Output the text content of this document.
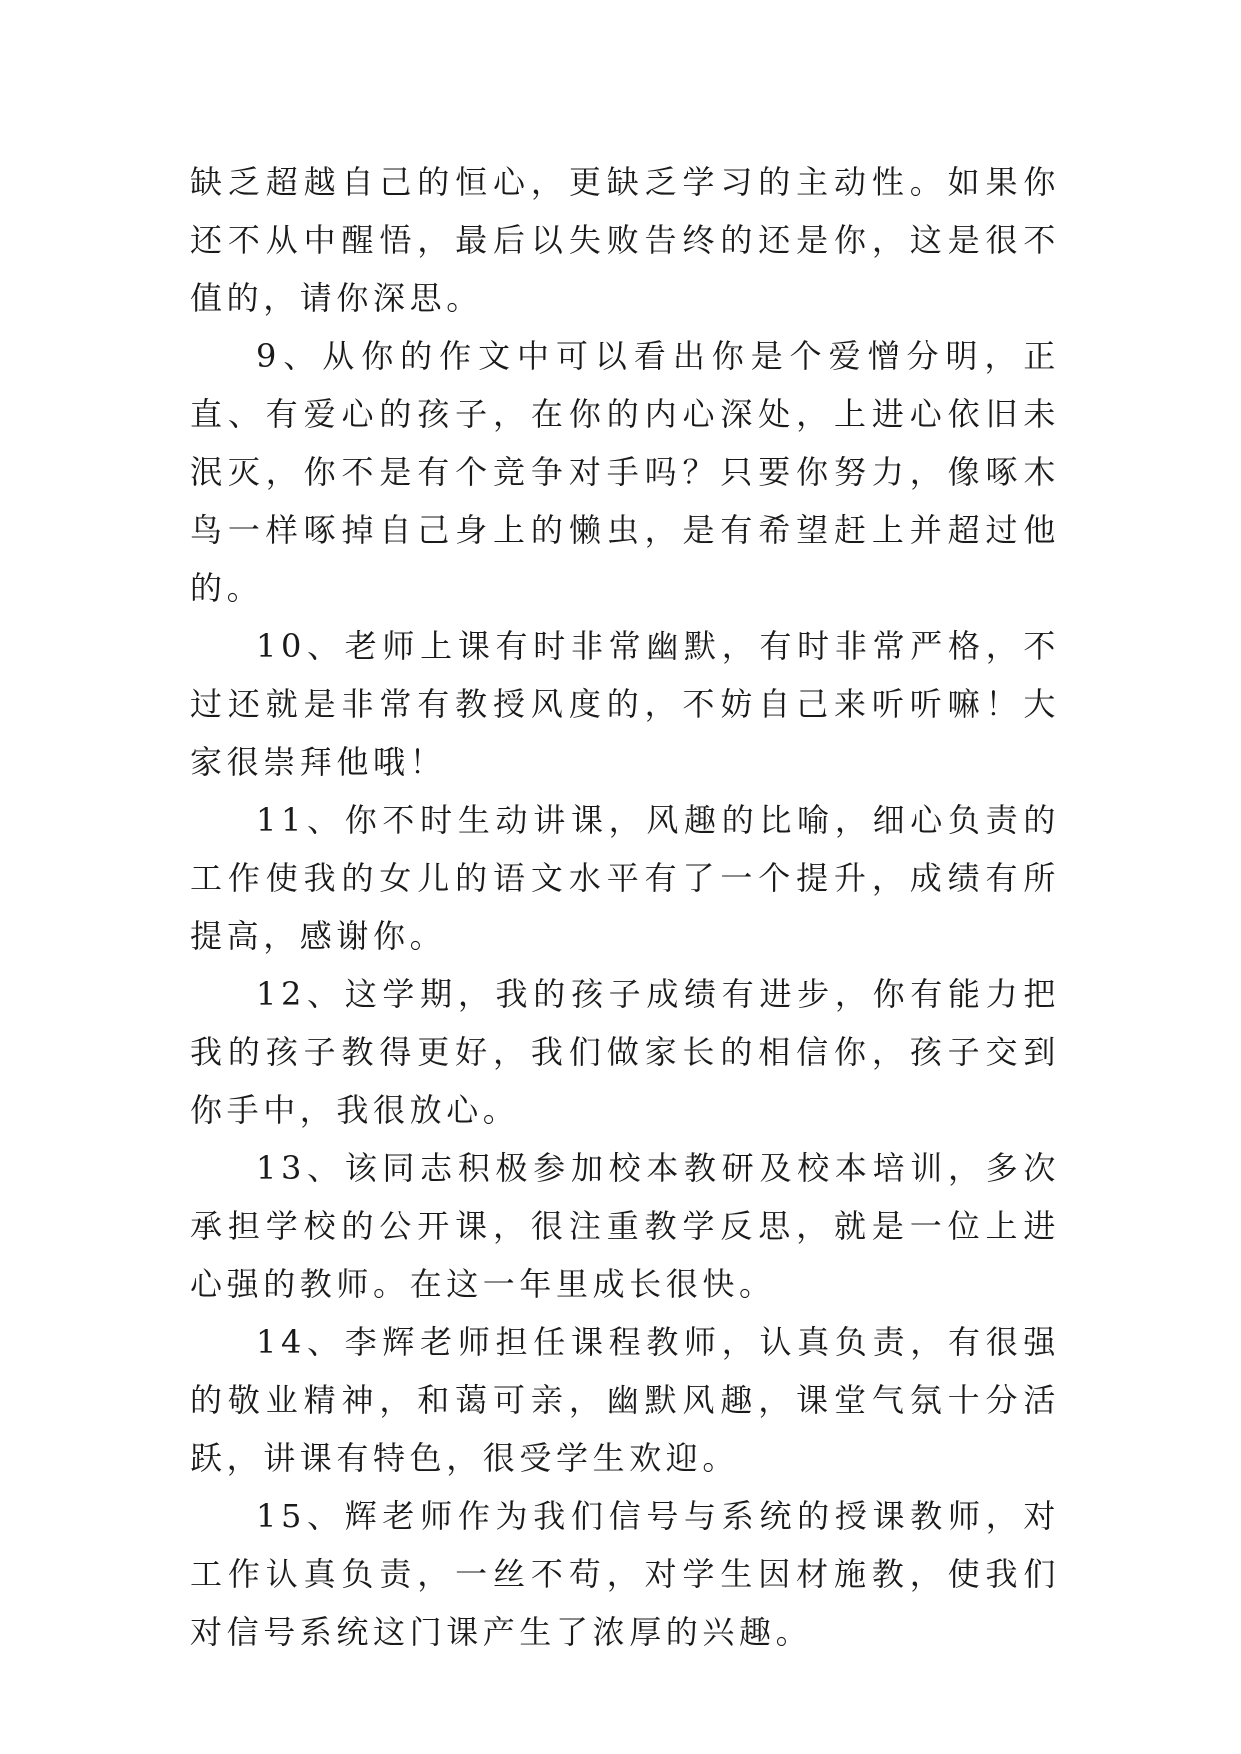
缺乏超越自己的恒心，更缺乏学习的主动性。如果你还不从中醒悟，最后以失败告终的还是你，这是很不值的，请你深思。

9、从你的作文中可以看出你是个爱憎分明，正直、有爱心的孩子，在你的内心深处，上进心依旧未泯灭，你不是有个竞争对手吗？只要你努力，像啄木鸟一样啄掉自己身上的懒虫，是有希望赶上并超过他的。

10、老师上课有时非常幽默，有时非常严格，不过还就是非常有教授风度的，不妨自己来听听嘛！大家很崇拜他哦！

11、你不时生动讲课，风趣的比喻，细心负责的工作使我的女儿的语文水平有了一个提升，成绩有所提高，感谢你。

12、这学期，我的孩子成绩有进步，你有能力把我的孩子教得更好，我们做家长的相信你，孩子交到你手中，我很放心。

13、该同志积极参加校本教研及校本培训，多次承担学校的公开课，很注重教学反思，就是一位上进心强的教师。在这一年里成长很快。

14、李辉老师担任课程教师，认真负责，有很强的敬业精神，和蔼可亲，幽默风趣，课堂气氛十分活跃，讲课有特色，很受学生欢迎。

15、辉老师作为我们信号与系统的授课教师，对工作认真负责，一丝不苟，对学生因材施教，使我们对信号系统这门课产生了浓厚的兴趣。
